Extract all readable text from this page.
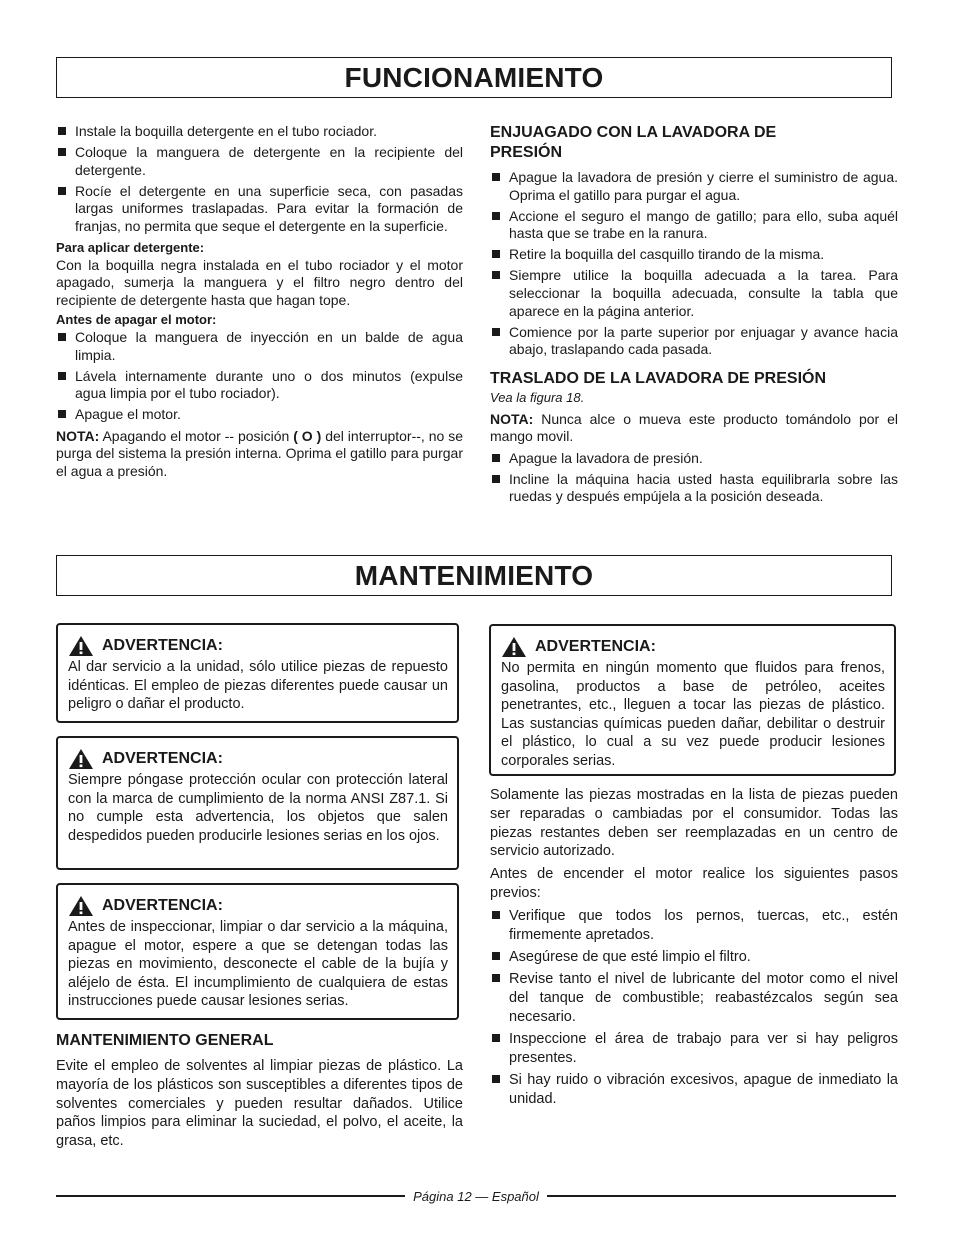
FUNCIONAMIENTO
Instale la boquilla detergente en el tubo rociador.
Coloque la manguera de detergente en la recipiente del detergente.
Rocíe el detergente en una superficie seca, con pasadas largas uniformes traslapadas. Para evitar la formación de franjas, no permita que seque el detergente en la superficie.
Para aplicar detergente:

Con la boquilla negra instalada en el tubo rociador y el motor apagado, sumerja la manguera y el filtro negro dentro del recipiente de detergente hasta que hagan tope.

Antes de apagar el motor:
Coloque la manguera de inyección en un balde de agua limpia.
Lávela internamente durante uno o dos minutos (expulse agua limpia por el tubo rociador).
Apague el motor.

NOTA: Apagando el motor -- posición ( O ) del interruptor--, no se purga del sistema la presión interna. Oprima el gatillo para purgar el agua a presión.

ENJUAGADO CON LA LAVADORA DE PRESIÓN
Apague la lavadora de presión y cierre el suministro de agua. Oprima el gatillo para purgar el agua.
Accione el seguro el mango de gatillo; para ello, suba aquél hasta que se trabe en la ranura.
Retire la boquilla del casquillo tirando de la misma.
Siempre utilice la boquilla adecuada a la tarea. Para seleccionar la boquilla adecuada, consulte la tabla que aparece en la página anterior.
Comience por la parte superior por enjuagar y avance hacia abajo, traslapando cada pasada.
TRASLADO DE LA LAVADORA DE PRESIÓN
Vea la figura 18.

NOTA: Nunca alce o mueva este producto tomándolo por el mango movil.

Apague la lavadora de presión.
Incline la máquina hacia usted hasta equilibrarla sobre las ruedas y después empújela a la posición deseada.
MANTENIMIENTO
ADVERTENCIA:

Al dar servicio a la unidad, sólo utilice piezas de repuesto idénticas. El empleo de piezas diferentes puede causar un peligro o dañar el producto.

ADVERTENCIA:

Siempre póngase protección ocular con protección lateral con la marca de cumplimiento de la norma ANSI Z87.1. Si no cumple esta advertencia, los objetos que salen despedidos pueden producirle lesiones serias en los ojos.

ADVERTENCIA:

Antes de inspeccionar, limpiar o dar servicio a la máquina, apague el motor, espere a que se detengan todas las piezas en movimiento, desconecte el cable de la bujía y aléjelo de ésta. El incumplimiento de cualquiera de estas instrucciones puede causar lesiones serias.

MANTENIMIENTO GENERAL

Evite el empleo de solventes al limpiar piezas de plástico. La mayoría de los plásticos son susceptibles a diferentes tipos de solventes comerciales y pueden resultar dañados. Utilice paños limpios para eliminar la suciedad, el polvo, el aceite, la grasa, etc.

ADVERTENCIA:

No permita en ningún momento que fluidos para frenos, gasolina, productos a base de petróleo, aceites penetrantes, etc., lleguen a tocar las piezas de plástico. Las sustancias químicas pueden dañar, debilitar o destruir el plástico, lo cual a su vez puede producir lesiones corporales serias.

Solamente las piezas mostradas en la lista de piezas pueden ser reparadas o cambiadas por el consumidor. Todas las piezas restantes deben ser reemplazadas en un centro de servicio autorizado.

Antes de encender el motor realice los siguientes pasos previos:

Verifique que todos los pernos, tuercas, etc., estén firmemente apretados.
Asegúrese de que esté limpio el filtro.
Revise tanto el nivel de lubricante del motor como el nivel del tanque de combustible; reabastézcalos según sea necesario.
Inspeccione el área de trabajo para ver si hay peligros presentes.
Si hay ruido o vibración excesivos, apague de inmediato la unidad.
Página 12 — Español
